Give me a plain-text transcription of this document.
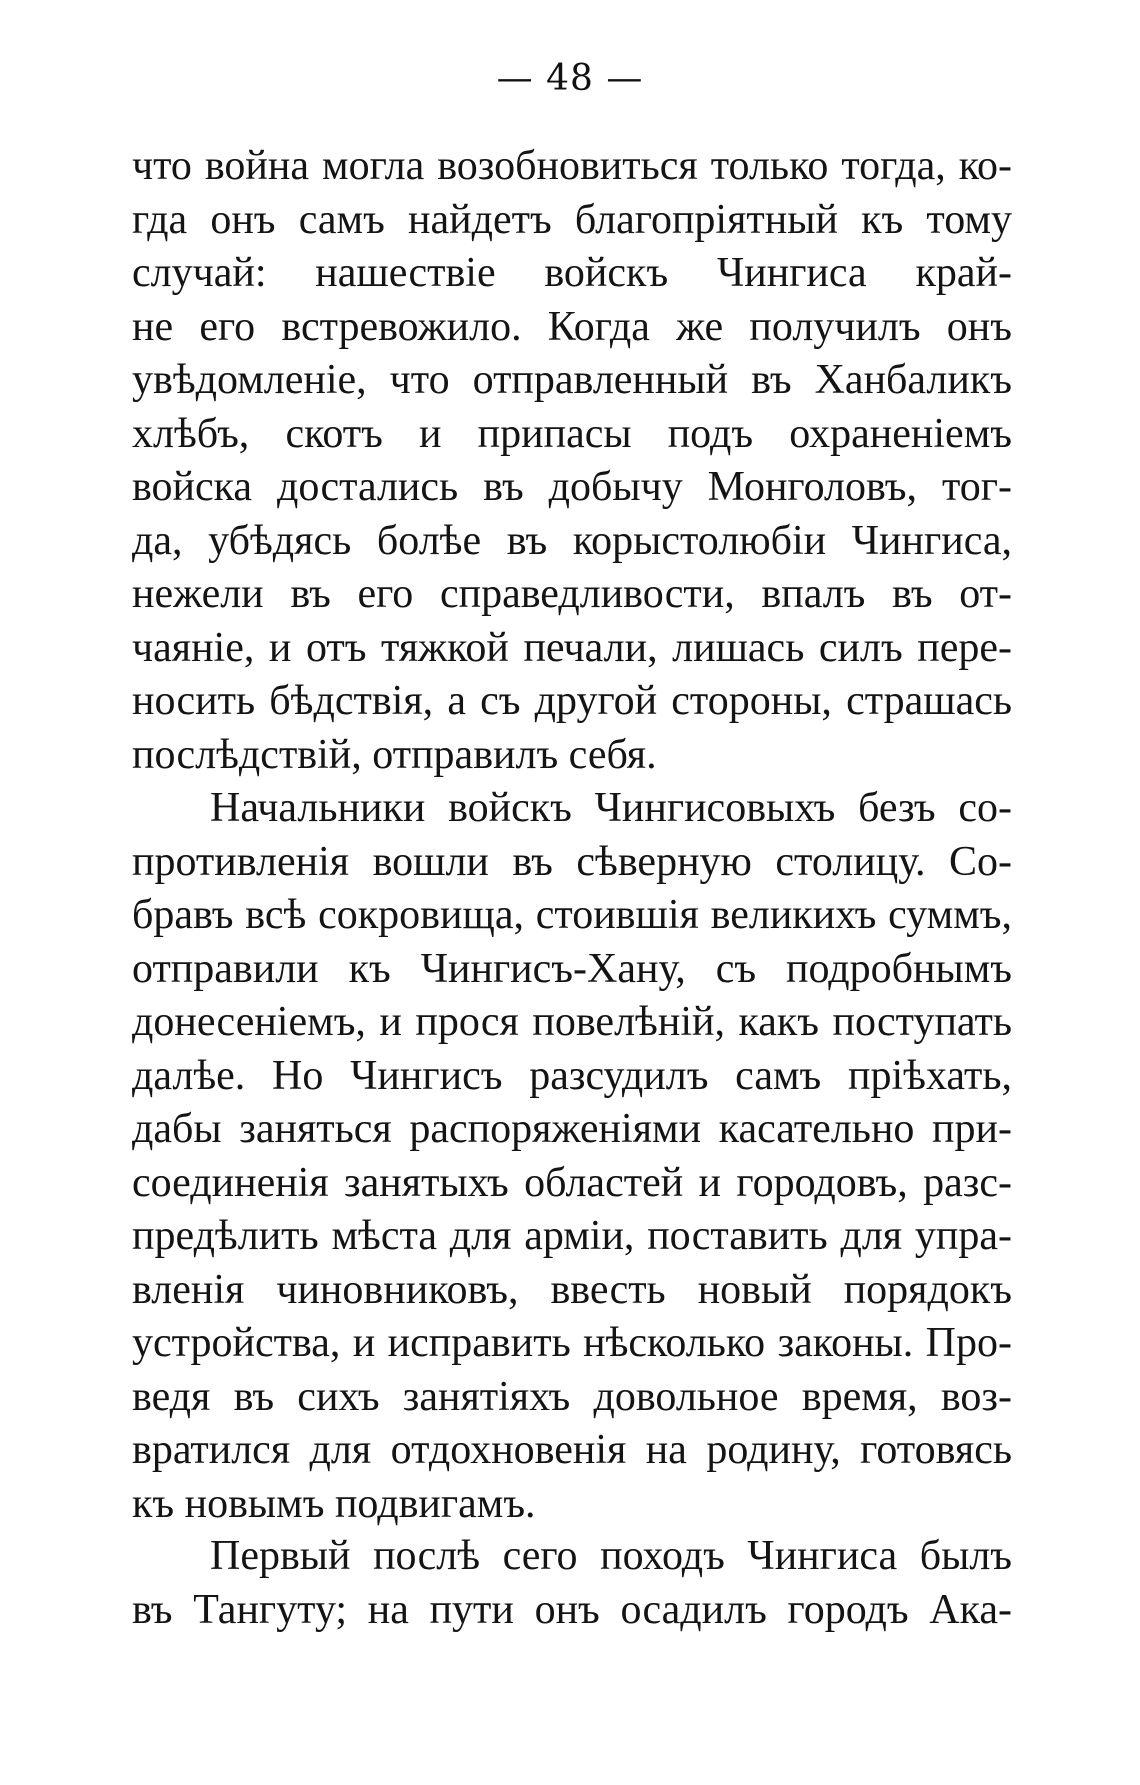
— 48 —
что война могла возобновиться только тогда, ко-
гда онъ самъ найдетъ благопріятный къ тому
случай: нашествіе войскъ Чингиса край-
не его встревожило. Когда же получилъ онъ
увѣдомленіе, что отправленный въ Ханбаликъ
хлѣбъ, скотъ и припасы подъ охраненіемъ
войска достались въ добычу Монголовъ, тог-
да, убѣдясь болѣе въ корыстолюбіи Чингиса,
нежели въ его справедливости, впалъ въ от-
чаяніе, и отъ тяжкой печали, лишась силъ пере-
носить бѣдствія, а съ другой стороны, страшась
послѣдствій, отправилъ себя.
Начальники войскъ Чингисовыхъ безъ со-
противленія вошли въ сѣверную столицу. Со-
бравъ всѣ сокровища, стоившія великихъ суммъ,
отправили къ Чингисъ-Хану, съ подробнымъ
донесеніемъ, и прося повелѣній, какъ поступать
далѣе. Но Чингисъ разсудилъ самъ пріѣхать,
дабы заняться распоряженіями касательно при-
соединенія занятыхъ областей и городовъ, разс-
предѣлить мѣста для арміи, поставить для упра-
вленія чиновниковъ, ввесть новый порядокъ
устройства, и исправить нѣсколько законы. Про-
ведя въ сихъ занятіяхъ довольное время, воз-
вратился для отдохновенія на родину, готовясь
къ новымъ подвигамъ.
Первый послѣ сего походъ Чингиса былъ
въ Тангуту; на пути онъ осадилъ городъ Ака-
